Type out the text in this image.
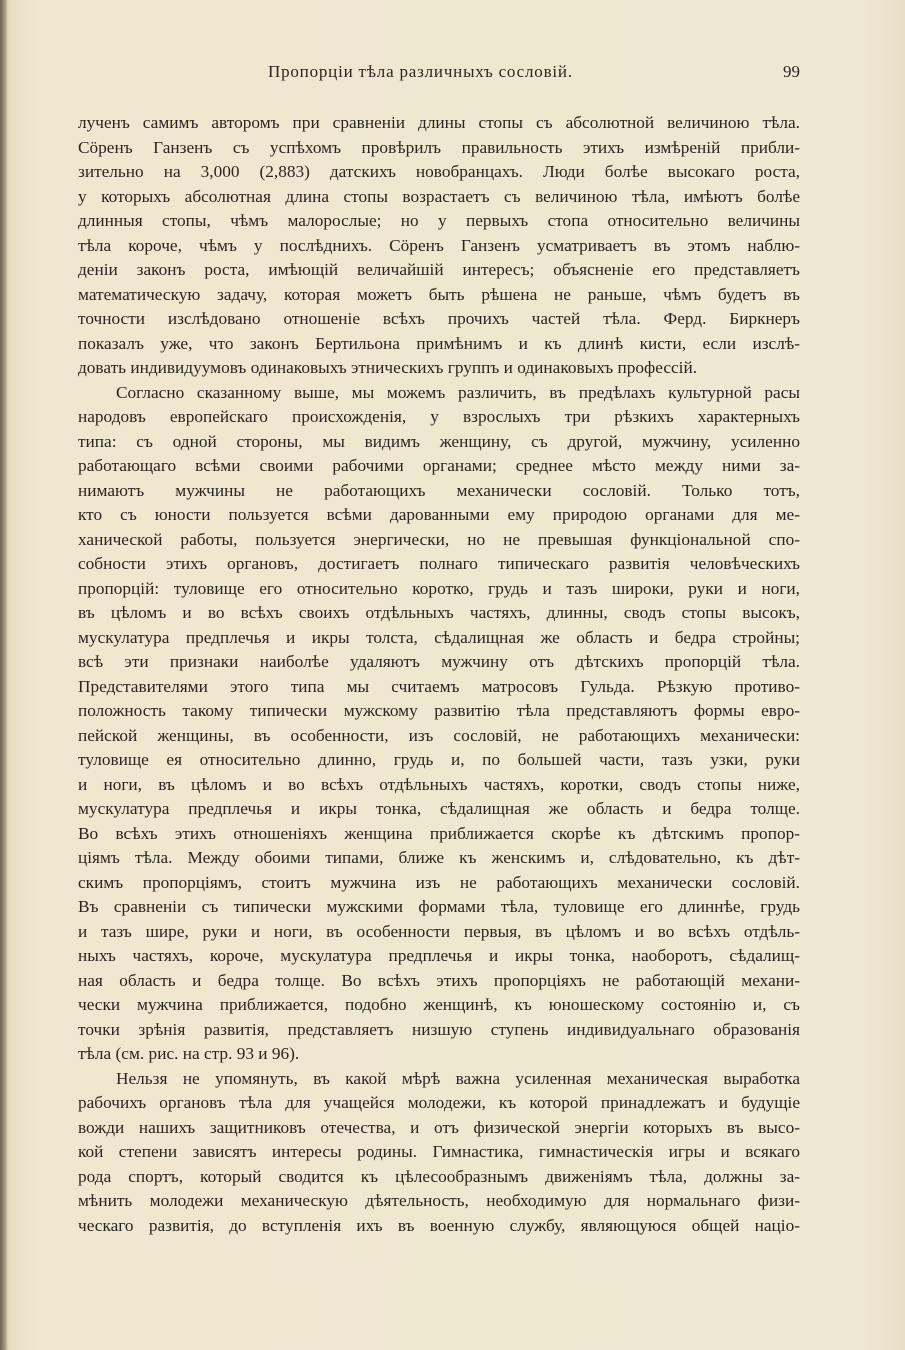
Пропорціи тѣла различныхъ сословій.	99
лученъ самимъ авторомъ при сравненіи длины стопы съ абсолютной величиною тѣла.
Сöренъ Ганзенъ съ успѣхомъ провѣрилъ правильность этихъ измѣреній прибли-
зительно на 3,000 (2,883) датскихъ новобранцахъ. Люди болѣе высокаго роста,
у которыхъ абсолютная длина стопы возрастаетъ съ величиною тѣла, имѣютъ болѣе
длинныя стопы, чѣмъ малорослые; но у первыхъ стопа относительно величины
тѣла короче, чѣмъ у послѣднихъ. Сöренъ Ганзенъ усматриваетъ въ этомъ наблю-
деніи законъ роста, имѣющій величайшій интересъ; объясненіе его представляетъ
математическую задачу, которая можетъ быть рѣшена не раньше, чѣмъ будетъ въ
точности изслѣдовано отношеніе всѣхъ прочихъ частей тѣла. Ферд. Биркнеръ
показалъ уже, что законъ Бертильона примѣнимъ и къ длинѣ кисти, если изслѣ-
довать индивидуумовъ одинаковыхъ этническихъ группъ и одинаковыхъ профессій.
Согласно сказанному выше, мы можемъ различить, въ предѣлахъ культурной расы
народовъ европейскаго происхожденія, у взрослыхъ три рѣзкихъ характерныхъ
типа: съ одной стороны, мы видимъ женщину, съ другой, мужчину, усиленно
работающаго всѣми своими рабочими органами; среднее мѣсто между ними за-
нимаютъ мужчины не работающихъ механически сословій. Только тотъ,
кто съ юности пользуется всѣми дарованными ему природою органами для ме-
ханической работы, пользуется энергически, но не превышая функціональной спо-
собности этихъ органовъ, достигаетъ полнаго типическаго развитія человѣческихъ
пропорцій: туловище его относительно коротко, грудь и тазъ широки, руки и ноги,
въ цѣломъ и во всѣхъ своихъ отдѣльныхъ частяхъ, длинны, сводъ стопы высокъ,
мускулатура предплечья и икры толста, сѣдалищная же область и бедра стройны;
всѣ эти признаки наиболѣе удаляютъ мужчину отъ дѣтскихъ пропорцій тѣла.
Представителями этого типа мы считаемъ матросовъ Гульда. Рѣзкую противо-
положность такому типически мужскому развитію тѣла представляютъ формы евро-
пейской женщины, въ особенности, изъ сословій, не работающихъ механически:
туловище ея относительно длинно, грудь и, по большей части, тазъ узки, руки
и ноги, въ цѣломъ и во всѣхъ отдѣльныхъ частяхъ, коротки, сводъ стопы ниже,
мускулатура предплечья и икры тонка, сѣдалищная же область и бедра толще.
Во всѣхъ этихъ отношеніяхъ женщина приближается скорѣе къ дѣтскимъ пропор-
ціямъ тѣла. Между обоими типами, ближе къ женскимъ и, слѣдовательно, къ дѣт-
скимъ пропорціямъ, стоитъ мужчина изъ не работающихъ механически сословій.
Въ сравненіи съ типически мужскими формами тѣла, туловище его длиннѣе, грудь
и тазъ шире, руки и ноги, въ особенности первыя, въ цѣломъ и во всѣхъ отдѣль-
ныхъ частяхъ, короче, мускулатура предплечья и икры тонка, наоборотъ, сѣдалищ-
ная область и бедра толще. Во всѣхъ этихъ пропорціяхъ не работающій механи-
чески мужчина приближается, подобно женщинѣ, къ юношескому состоянію и, съ
точки зрѣнія развитія, представляетъ низшую ступень индивидуальнаго образованія
тѣла (см. рис. на стр. 93 и 96).
Нельзя не упомянуть, въ какой мѣрѣ важна усиленная механическая выработка
рабочихъ органовъ тѣла для учащейся молодежи, къ которой принадлежатъ и будущіе
вожди нашихъ защитниковъ отечества, и отъ физической энергіи которыхъ въ высо-
кой степени зависятъ интересы родины. Гимнастика, гимнастическія игры и всякаго
рода спортъ, который сводится къ цѣлесообразнымъ движеніямъ тѣла, должны за-
мѣнить молодежи механическую дѣятельность, необходимую для нормальнаго физи-
ческаго развитія, до вступленія ихъ въ военную службу, являющуюся общей націо-
